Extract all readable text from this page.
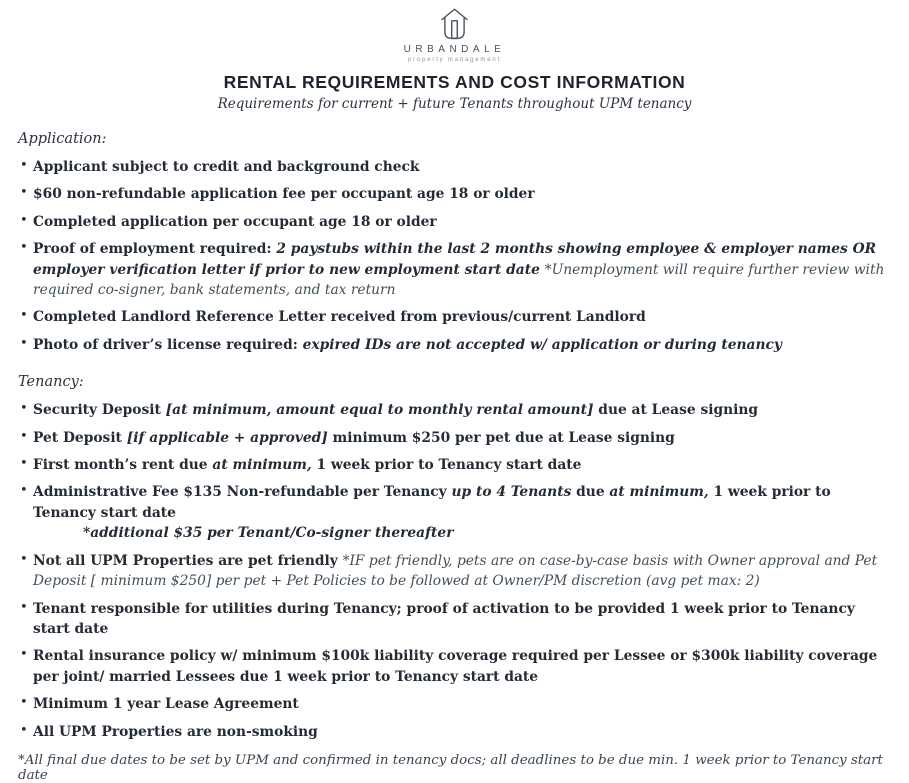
URBANDALE
property management
RENTAL REQUIREMENTS AND COST INFORMATION
Requirements for current + future Tenants throughout UPM tenancy
Application:
• Applicant subject to credit and background check
• $60 non-refundable application fee per occupant age 18 or older
• Completed application per occupant age 18 or older
• Proof of employment required: 2 paystubs within the last 2 months showing employee & employer names OR employer verification letter if prior to new employment start date *Unemployment will require further review with required co-signer, bank statements, and tax return
• Completed Landlord Reference Letter received from previous/current Landlord
• Photo of driver’s license required: expired IDs are not accepted w/ application or during tenancy
Tenancy:
• Security Deposit [at minimum, amount equal to monthly rental amount] due at Lease signing
• Pet Deposit [if applicable + approved] minimum $250 per pet due at Lease signing
• First month’s rent due at minimum, 1 week prior to Tenancy start date
• Administrative Fee $135 Non-refundable per Tenancy up to 4 Tenants due at minimum, 1 week prior to Tenancy start date
*additional $35 per Tenant/Co-signer thereafter
• Not all UPM Properties are pet friendly *IF pet friendly, pets are on case-by-case basis with Owner approval and Pet Deposit [ minimum $250] per pet + Pet Policies to be followed at Owner/PM discretion (avg pet max: 2)
• Tenant responsible for utilities during Tenancy; proof of activation to be provided 1 week prior to Tenancy start date
• Rental insurance policy w/ minimum $100k liability coverage required per Lessee or $300k liability coverage per joint/ married Lessees due 1 week prior to Tenancy start date
• Minimum 1 year Lease Agreement
• All UPM Properties are non-smoking
*All final due dates to be set by UPM and confirmed in tenancy docs; all deadlines to be due min. 1 week prior to Tenancy start date
